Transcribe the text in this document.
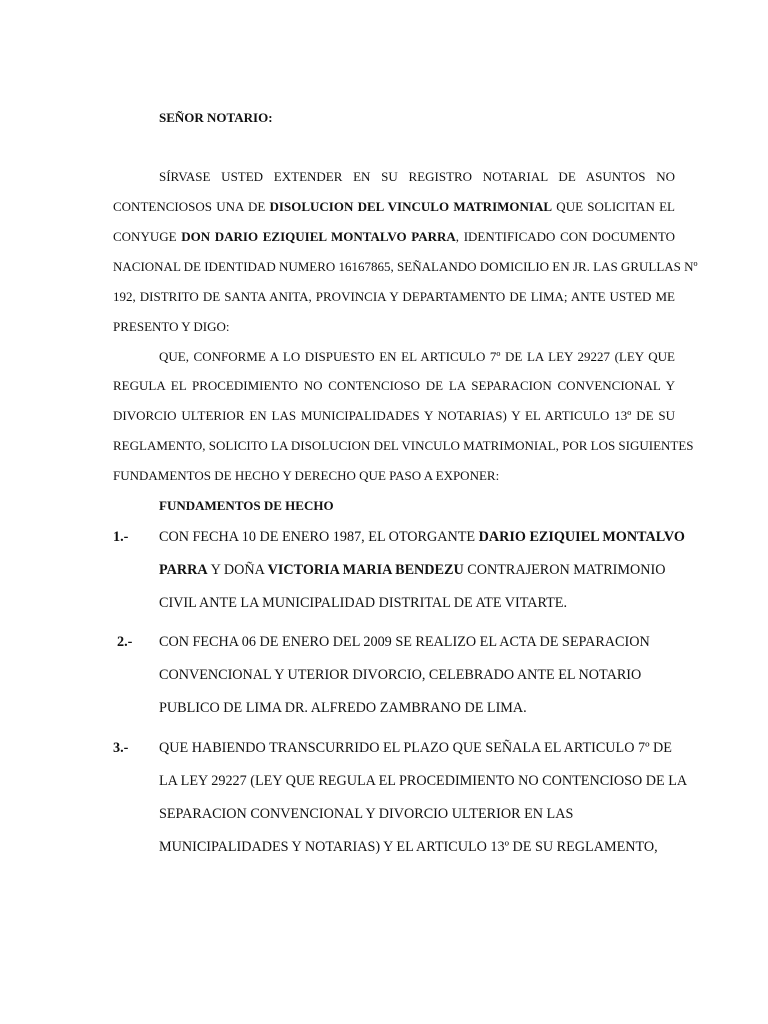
SEÑOR NOTARIO:
SÍRVASE USTED EXTENDER EN SU REGISTRO NOTARIAL DE ASUNTOS NO
CONTENCIOSOS UNA DE DISOLUCION DEL VINCULO MATRIMONIAL QUE SOLICITAN EL
CONYUGE DON DARIO EZIQUIEL MONTALVO PARRA, IDENTIFICADO CON DOCUMENTO
NACIONAL DE IDENTIDAD NUMERO 16167865, SEÑALANDO DOMICILIO EN JR. LAS GRULLAS Nº
192, DISTRITO DE SANTA ANITA, PROVINCIA Y DEPARTAMENTO DE LIMA; ANTE USTED ME
PRESENTO Y DIGO:
QUE, CONFORME A LO DISPUESTO EN EL ARTICULO 7º DE LA LEY 29227 (LEY QUE
REGULA EL PROCEDIMIENTO NO CONTENCIOSO DE LA SEPARACION CONVENCIONAL Y
DIVORCIO ULTERIOR EN LAS MUNICIPALIDADES Y NOTARIAS) Y EL ARTICULO 13º DE SU
REGLAMENTO, SOLICITO LA DISOLUCION DEL VINCULO MATRIMONIAL, POR LOS SIGUIENTES
FUNDAMENTOS DE HECHO Y DERECHO QUE PASO A EXPONER:
FUNDAMENTOS DE HECHO
1.- CON FECHA 10 DE ENERO 1987, EL OTORGANTE DARIO EZIQUIEL MONTALVO
PARRA Y DOÑA VICTORIA MARIA BENDEZU CONTRAJERON MATRIMONIO
CIVIL ANTE LA MUNICIPALIDAD DISTRITAL DE ATE VITARTE.
2.- CON FECHA 06 DE ENERO DEL 2009 SE REALIZO EL ACTA DE SEPARACION
CONVENCIONAL Y UTERIOR DIVORCIO, CELEBRADO ANTE EL NOTARIO
PUBLICO DE LIMA DR. ALFREDO ZAMBRANO DE LIMA.
3.- QUE HABIENDO TRANSCURRIDO EL PLAZO QUE SEÑALA EL ARTICULO 7º DE
LA LEY 29227 (LEY QUE REGULA EL PROCEDIMIENTO NO CONTENCIOSO DE LA
SEPARACION CONVENCIONAL Y DIVORCIO ULTERIOR EN LAS
MUNICIPALIDADES Y NOTARIAS) Y EL ARTICULO 13º DE SU REGLAMENTO,
